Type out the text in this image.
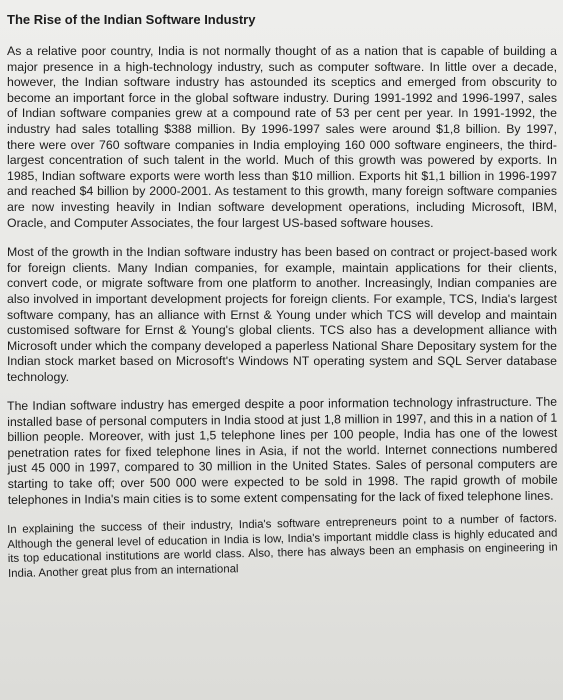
The Rise of the Indian Software Industry

As a relative poor country, India is not normally thought of as a nation that is capable of building a major presence in a high-technology industry, such as computer software. In little over a decade, however, the Indian software industry has astounded its sceptics and emerged from obscurity to become an important force in the global software industry. During 1991-1992 and 1996-1997, sales of Indian software companies grew at a compound rate of 53 per cent per year. In 1991-1992, the industry had sales totalling $388 million. By 1996-1997 sales were around $1,8 billion. By 1997, there were over 760 software companies in India employing 160 000 software engineers, the third-largest concentration of such talent in the world. Much of this growth was powered by exports. In 1985, Indian software exports were worth less than $10 million. Exports hit $1,1 billion in 1996-1997 and reached $4 billion by 2000-2001. As testament to this growth, many foreign software companies are now investing heavily in Indian software development operations, including Microsoft, IBM, Oracle, and Computer Associates, the four largest US-based software houses.

Most of the growth in the Indian software industry has been based on contract or project-based work for foreign clients. Many Indian companies, for example, maintain applications for their clients, convert code, or migrate software from one platform to another. Increasingly, Indian companies are also involved in important development projects for foreign clients. For example, TCS, India's largest software company, has an alliance with Ernst & Young under which TCS will develop and maintain customised software for Ernst & Young's global clients. TCS also has a development alliance with Microsoft under which the company developed a paperless National Share Depositary system for the Indian stock market based on Microsoft's Windows NT operating system and SQL Server database technology.

The Indian software industry has emerged despite a poor information technology infrastructure. The installed base of personal computers in India stood at just 1,8 million in 1997, and this in a nation of 1 billion people. Moreover, with just 1,5 telephone lines per 100 people, India has one of the lowest penetration rates for fixed telephone lines in Asia, if not the world. Internet connections numbered just 45 000 in 1997, compared to 30 million in the United States. Sales of personal computers are starting to take off; over 500 000 were expected to be sold in 1998. The rapid growth of mobile telephones in India's main cities is to some extent compensating for the lack of fixed telephone lines.

In explaining the success of their industry, India's software entrepreneurs point to a number of factors. Although the general level of education in India is low, India's important middle class is highly educated and its top educational institutions are world class. Also, there has always been an emphasis on engineering in India. Another great plus from an international
